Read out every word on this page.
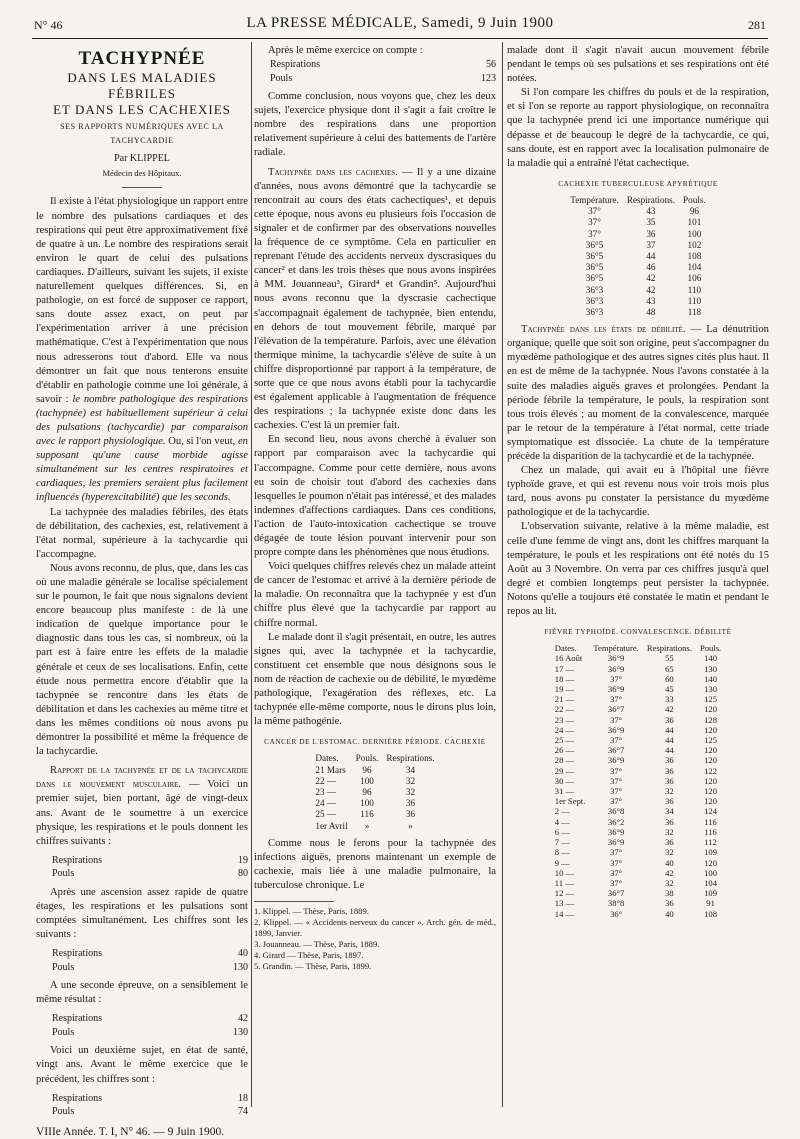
N° 46	LA PRESSE MÉDICALE, Samedi, 9 Juin 1900	281
TACHYPNÉE
DANS LES MALADIES FÉBRILES
ET DANS LES CACHEXIES
SES RAPPORTS NUMÉRIQUES AVEC LA TACHYCARDIE
Par KLIPPEL
Médecin des Hôpitaux.

Il existe à l'état physiologique un rapport entre le nombre des pulsations cardiaques et des respirations qui peut être approximativement fixé de quatre à un. Le nombre des respirations serait environ le quart de celui des pulsations cardiaques. D'ailleurs, suivant les sujets, il existe naturellement quelques différences. Si, en pathologie, on est forcé de supposer ce rapport, sans doute assez exact, on peut par l'expérimentation arriver à une précision mathématique. C'est à l'expérimentation que nous nous adresserons tout d'abord. Elle va nous démontrer un fait que nous tenterons ensuite d'établir en pathologie comme une loi générale, à savoir : le nombre pathologique des respirations (tachypnée) est habituellement supérieur à celui des pulsations (tachycardie) par comparaison avec le rapport physiologique. Ou, si l'on veut, en supposant qu'une cause morbide agisse simultanément sur les centres respiratoires et cardiaques, les premiers seraient plus facilement influencés (hyperexcitabilité) que les seconds.

La tachypnée des maladies fébriles, des états de débilitation, des cachexies, est, relativement à l'état normal, supérieure à la tachycardie qui l'accompagne.

Nous avons reconnu, de plus, que, dans les cas où une maladie générale se localise spécialement sur le poumon, le fait que nous signalons devient encore beaucoup plus manifeste : de là une indication de quelque importance pour le diagnostic dans tous les cas, si nombreux, où la part est à faire entre les effets de la maladie générale et ceux de ses localisations. Enfin, cette étude nous permettra encore d'établir que la tachypnée se rencontre dans les états de débilitation et dans les cachexies au même titre et dans les mêmes conditions où nous avons pu démontrer la possibilité et même la fréquence de la tachycardie.

Rapport de la tachypnée et de la tachycardie dans le mouvement musculaire. — Voici un premier sujet, bien portant, âgé de vingt-deux ans. Avant de le soumettre à un exercice physique, les respirations et le pouls donnent les chiffres suivants :

Respirations	19
Pouls	80

Après une ascension assez rapide de quatre étages, les respirations et les pulsations sont comptées simultanément. Les chiffres sont les suivants :

Respirations	40
Pouls	130

A une seconde épreuve, on a sensiblement le même résultat :

Respirations	42
Pouls	130

Voici un deuxième sujet, en état de santé, vingt ans. Avant le même exercice que le précédent, les chiffres sont :

Respirations	18
Pouls	74
VIIIe Année. T. I, N° 46. — 9 Juin 1900.

Après le même exercice on compte :

Respirations	56
Pouls	123

Comme conclusion, nous voyons que, chez les deux sujets, l'exercice physique dont il s'agit a fait croître le nombre des respirations dans une proportion relativement supérieure à celui des battements de l'artère radiale.

Tachypnée dans les cachexies. — Il y a une dizaine d'années, nous avons démontré que la tachycardie se rencontrait au cours des états cachectiques¹, et depuis cette époque, nous avons eu plusieurs fois l'occasion de signaler et de confirmer par des observations nouvelles la fréquence de ce symptôme. Cela en particulier en reprenant l'étude des accidents nerveux dyscrasiques du cancer² et dans les trois thèses que nous avons inspirées à MM. Jouanneau³, Girard⁴ et Grandin⁵. Aujourd'hui nous avons reconnu que la dyscrasie cachectique s'accompagnait également de tachypnée, bien entendu, en dehors de tout mouvement fébrile, marqué par l'élévation de la température. Parfois, avec une élévation thermique minime, la tachycardie s'élève de suite à un chiffre disproportionné par rapport à la température, de sorte que ce que nous avons établi pour la tachycardie est également applicable à l'augmentation de fréquence des respirations ; la tachypnée existe donc dans les cachexies. C'est là un premier fait.

En second lieu, nous avons cherché à évaluer son rapport par comparaison avec la tachycardie qui l'accompagne. Comme pour cette dernière, nous avons eu soin de choisir tout d'abord des cachexies dans lesquelles le poumon n'était pas intéressé, et des malades indemnes d'affections cardiaques. Dans ces conditions, l'action de l'auto-intoxication cachectique se trouve dégagée de toute lésion pouvant intervenir pour son propre compte dans les phénomènes que nous étudions.

Voici quelques chiffres relevés chez un malade atteint de cancer de l'estomac et arrivé à la dernière période de la maladie. On reconnaîtra que la tachypnée y est d'un chiffre plus élevé que la tachycardie par rapport au chiffre normal.

Le malade dont il s'agit présentait, en outre, les autres signes qui, avec la tachypnée et la tachycardie, constituent cet ensemble que nous désignons sous le nom de réaction de cachexie ou de débilité, le myœdème pathologique, l'exagération des réflexes, etc. La tachypnée elle-même comporte, nous le dirons plus loin, la même pathogénie.

CANCER DE L'ESTOMAC. DERNIÈRE PÉRIODE. CACHEXIE
Dates.	Pouls.	Respirations.
21 Mars	96	34
22 —	100	32
23 —	96	32
24 —	100	36
25 —	116	36
1er Avril	»	»

Comme nous le ferons pour la tachypnée des infections aiguës, prenons maintenant un exemple de cachexie, mais liée à une maladie pulmonaire, la tuberculose chronique. Le

1. Klippel. — Thèse, Paris, 1889.
2. Klippel. — « Accidents nerveux du cancer ». Arch. gén. de méd., 1899, Janvier.
3. Jouanneau. — Thèse, Paris, 1889.
4. Girard — Thèse, Paris, 1897.
5. Grandin. — Thèse, Paris, 1899.

malade dont il s'agit n'avait aucun mouvement fébrile pendant le temps où ses pulsations et ses respirations ont été notées.

Si l'on compare les chiffres du pouls et de la respiration, et si l'on se reporte au rapport physiologique, on reconnaîtra que la tachypnée prend ici une importance numérique qui dépasse et de beaucoup le degré de la tachycardie, ce qui, sans doute, est en rapport avec la localisation pulmonaire de la maladie qui a entraîné l'état cachectique.

CACHEXIE TUBERCULEUSE APYRÉTIQUE
Température.	Respirations.	Pouls.
37°	43	96
37°	35	101
37°	36	100
36°5	37	102
36°5	44	108
36°5	46	104
36°5	42	106
36°3	42	110
36°3	43	110
36°3	48	118

Tachypnée dans les états de débilité. — La dénutrition organique, quelle que soit son origine, peut s'accompagner du myœdème pathologique et des autres signes cités plus haut. Il en est de même de la tachypnée. Nous l'avons constatée à la suite des maladies aiguës graves et prolongées. Pendant la période fébrile la température, le pouls, la respiration sont tous trois élevés ; au moment de la convalescence, marquée par le retour de la température à l'état normal, cette triade symptomatique est dissociée. La chute de la température précède la disparition de la tachycardie et de la tachypnée.

Chez un malade, qui avait eu à l'hôpital une fièvre typhoïde grave, et qui est revenu nous voir trois mois plus tard, nous avons pu constater la persistance du myœdème pathologique et de la tachycardie.

L'observation suivante, relative à la même maladie, est celle d'une femme de vingt ans, dont les chiffres marquant la température, le pouls et les respirations ont été notés du 15 Août au 3 Novembre. On verra par ces chiffres jusqu'à quel degré et combien longtemps peut persister la tachypnée. Notons qu'elle a toujours été constatée le matin et pendant le repos au lit.

FIÈVRE TYPHOÏDE. CONVALESCENCE. DÉBILITÉ
Dates.	Température.	Respirations.	Pouls.
16 Août	36°9	55	140
17 —	36°9	65	130
18 —	37°	60	140
19 —	36°9	45	130
21 —	37°	33	125
22 —	36°7	42	120
23 —	37°	36	128
24 —	36°9	44	120
25 —	37°	44	125
26 —	36°7	44	120
28 —	36°9	36	120
29 —	37°	36	122
30 —	37°	36	120
31 —	37°	32	120
1er Sept.	37°	36	120
2 —	36°8	34	124
4 —	36°2	36	116
6 —	36°9	32	116
7 —	36°9	36	112
8 —	37°	32	109
9 —	37°	40	120
10 —	37°	42	100
11 —	37°	32	104
12 —	36°7	38	109
13 —	38°8	36	91
14 —	36°	40	108
